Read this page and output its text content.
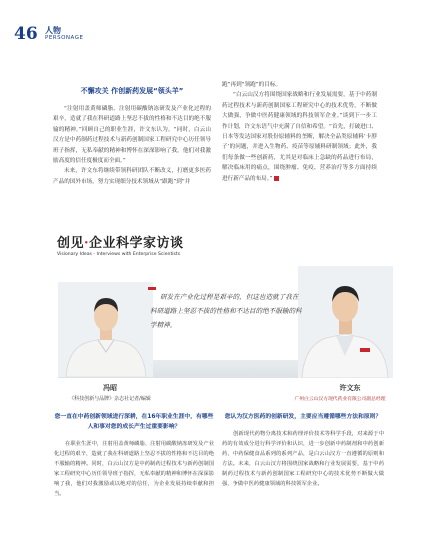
46 人物
PERSONAGE
不懈攻关 作创新药发展“领头羊”

“注射用盖黄师磷脂、注射用碳酸钠冻研发及产业化过程的艰辛，造就了我在科研道路上坚忍不拔的性格和不达目的绝不服输的精神。”回顾自己的职业生涯，许文东认为。“同时，白云山汉方是中药制药过程技术与新药创制国家工程研究中心历任领导班子指挥，无私奉献的精神和博怀在深深影响了我，他们对我激励高度的信任度极度而全面。”

未来，许文东将继续带领科研团队不断改义，打磨更多医药产品的国外市场，努力实现细分技术领域从“跟跑”到“并

跑”再到“领跑”的目标。

“白云山汉方将围绕国家战略和行业发展需要，基于中药制药过程技术与新药创制国家工程研究中心的技术优势，不断做大做强，争做中医药健康领域的科技领军企业。”谈到下一步工作计划，许文东语气中充满了自信和希望。“首先，打破进口、日本等发达国家对股份原辅料的垄断，解决全品类原辅料‘卡脖子’的问题，并进入生物药、疫苗等原辅料研制领域；此外，我们每条做一些创新药，尤其是对临床上急缺的药品进行布局，解决临床用的痛点，围绕肿瘤、免疫、营养治疗等多方面持续进行新产品的布局。”

创见·企业科学家访谈
Visionary Ideas - Interviews with Enterprise Scientists
研发在产业化过程是艰辛的，但这也造就了我在科研道路上坚忍不拔的性格和不达目的绝不服输的科学精神。
冯昭
《科技创新与品牌》杂志社记者/编辑
许文东
广州白云山汉方现代药业有限公司副总经理
您一直在中药创新领域进行深耕，在16年职业生涯中，有哪些人和事对您的成长产生过重要影响？
在职业生涯中，注射用盖黄师磷脂、注射用碳酸钠冻研发及产业化过程的艰辛，造就了我在科研道路上坚忍不拔的性格和不达目的绝不服输的精神。同时，白云山汉方是中药制药过程技术与新药创制国家工程研究中心历任领导班子指挥，无私奉献的精神和博怀在深深影响了我，他们对我激励或以绝对的信任，为企业发展持续奉献和担当。
您认为汉方医药的创新研发，主要应当遵循哪些方法和原则？
创新现代药物分离技术和药理评价技术等科学手段，对来源于中药的有效成分进行科学评价和认识，进一步创新中药制剂和中药创新药，中药保健食品系列的系列产品，是白云山汉方一直遵循的原则和方法。未来，白云山汉方将围绕国家战略和行业发展需要，基于中药制药过程技术与新药创制国家工程研究中心的技术优势不断做大做强，争做中医药健康领域的科技领军企业。
